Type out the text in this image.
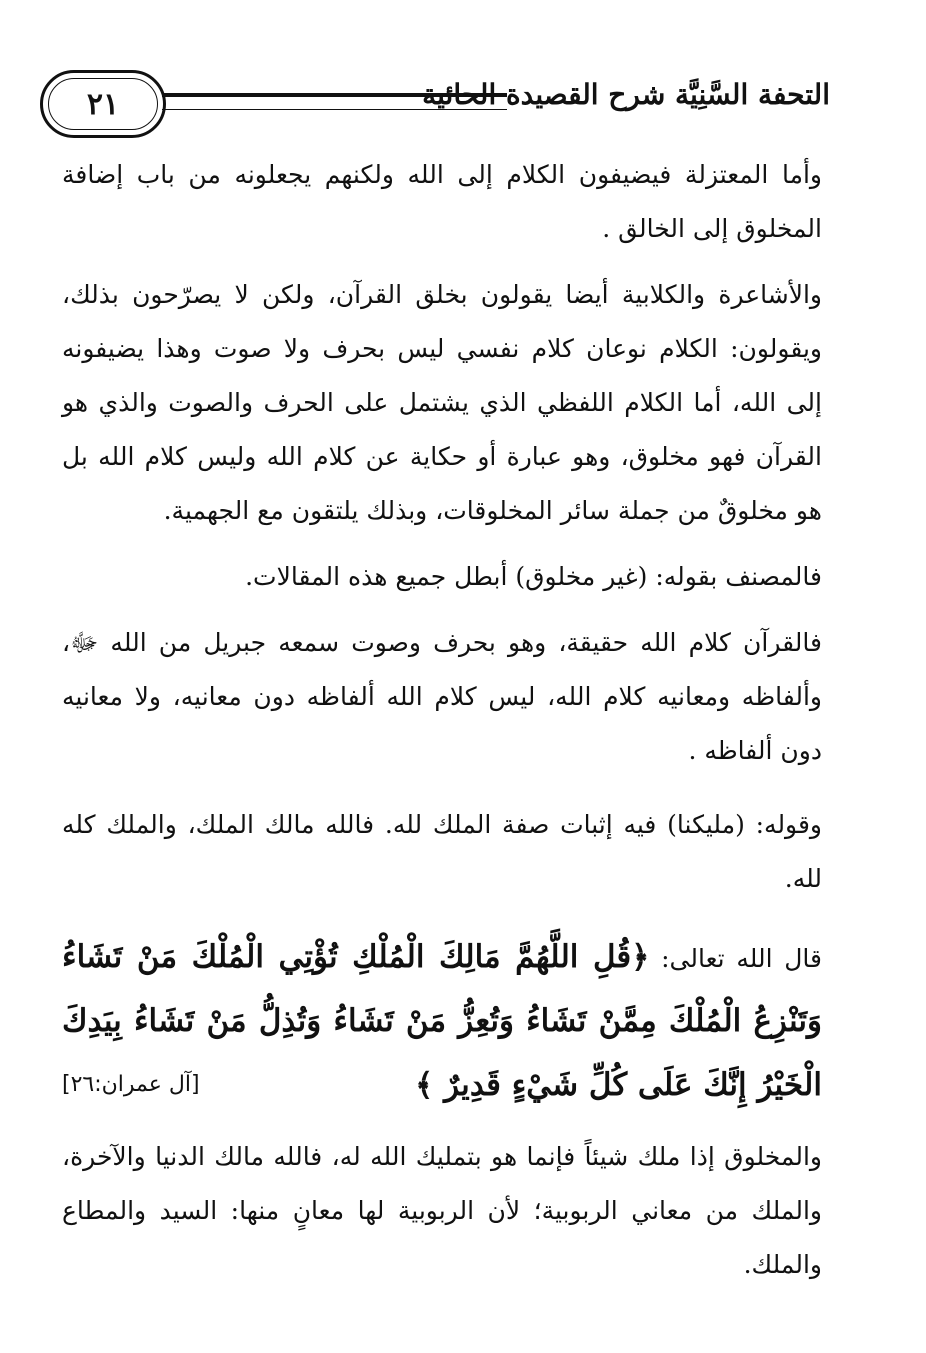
٢١	التحفة السَّنِيَّة شرح القصيدة الحائية

وأما المعتزلة فيضيفون الكلام إلى الله ولكنهم يجعلونه من باب إضافة المخلوق إلى الخالق .

والأشاعرة والكلابية أيضا يقولون بخلق القرآن، ولكن لا يصرّحون بذلك، ويقولون: الكلام نوعان كلام نفسي ليس بحرف ولا صوت وهذا يضيفونه إلى الله، أما الكلام اللفظي الذي يشتمل على الحرف والصوت والذي هو القرآن فهو مخلوق، وهو عبارة أو حكاية عن كلام الله وليس كلام الله بل هو مخلوقٌ من جملة سائر المخلوقات، وبذلك يلتقون مع الجهمية.

فالمصنف بقوله: (غير مخلوق) أبطل جميع هذه المقالات.

فالقرآن كلام الله حقيقة، وهو بحرف وصوت سمعه جبريل من الله ﷻ، وألفاظه ومعانيه كلام الله، ليس كلام الله ألفاظه دون معانيه، ولا معانيه دون ألفاظه .

وقوله: (مليكنا) فيه إثبات صفة الملك لله. فالله مالك الملك، والملك كله لله.

قال الله تعالى: ﴿قُلِ اللَّهُمَّ مَالِكَ الْمُلْكِ تُؤْتِي الْمُلْكَ مَنْ تَشَاءُ وَتَنْزِعُ الْمُلْكَ مِمَّنْ تَشَاءُ وَتُعِزُّ مَنْ تَشَاءُ وَتُذِلُّ مَنْ تَشَاءُ بِيَدِكَ الْخَيْرُ إِنَّكَ عَلَى كُلِّ شَيْءٍ قَدِيرٌ ﴾
[آل عمران:٢٦]

والمخلوق إذا ملك شيئاً فإنما هو بتمليك الله له، فالله مالك الدنيا والآخرة، والملك من معاني الربوبية؛ لأن الربوبية لها معانٍ منها: السيد والمطاع والملك.
